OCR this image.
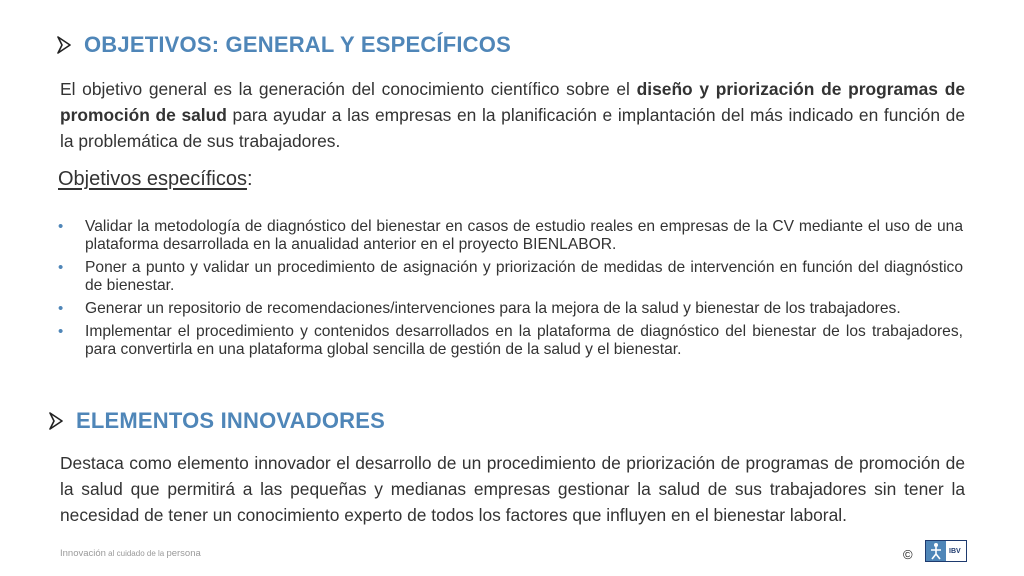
OBJETIVOS: GENERAL Y ESPECÍFICOS

El objetivo general es la generación del conocimiento científico sobre el diseño y priorización de programas de promoción de salud para ayudar a las empresas en la planificación e implantación del más indicado en función de la problemática de sus trabajadores.

Objetivos específicos:
• Validar la metodología de diagnóstico del bienestar en casos de estudio reales en empresas de la CV mediante el uso de una plataforma desarrollada en la anualidad anterior en el proyecto BIENLABOR.
• Poner a punto y validar un procedimiento de asignación y priorización de medidas de intervención en función del diagnóstico de bienestar.
• Generar un repositorio de recomendaciones/intervenciones para la mejora de la salud y bienestar de los trabajadores.
• Implementar el procedimiento y contenidos desarrollados en la plataforma de diagnóstico del bienestar de los trabajadores, para convertirla en una plataforma global sencilla de gestión de la salud y el bienestar.
ELEMENTOS INNOVADORES

Destaca como elemento innovador el desarrollo de un procedimiento de priorización de programas de promoción de la salud que permitirá a las pequeñas y medianas empresas gestionar la salud de sus trabajadores sin tener la necesidad de tener un conocimiento experto de todos los factores que influyen en el bienestar laboral.

Innovación al cuidado de la persona	©	IBV
